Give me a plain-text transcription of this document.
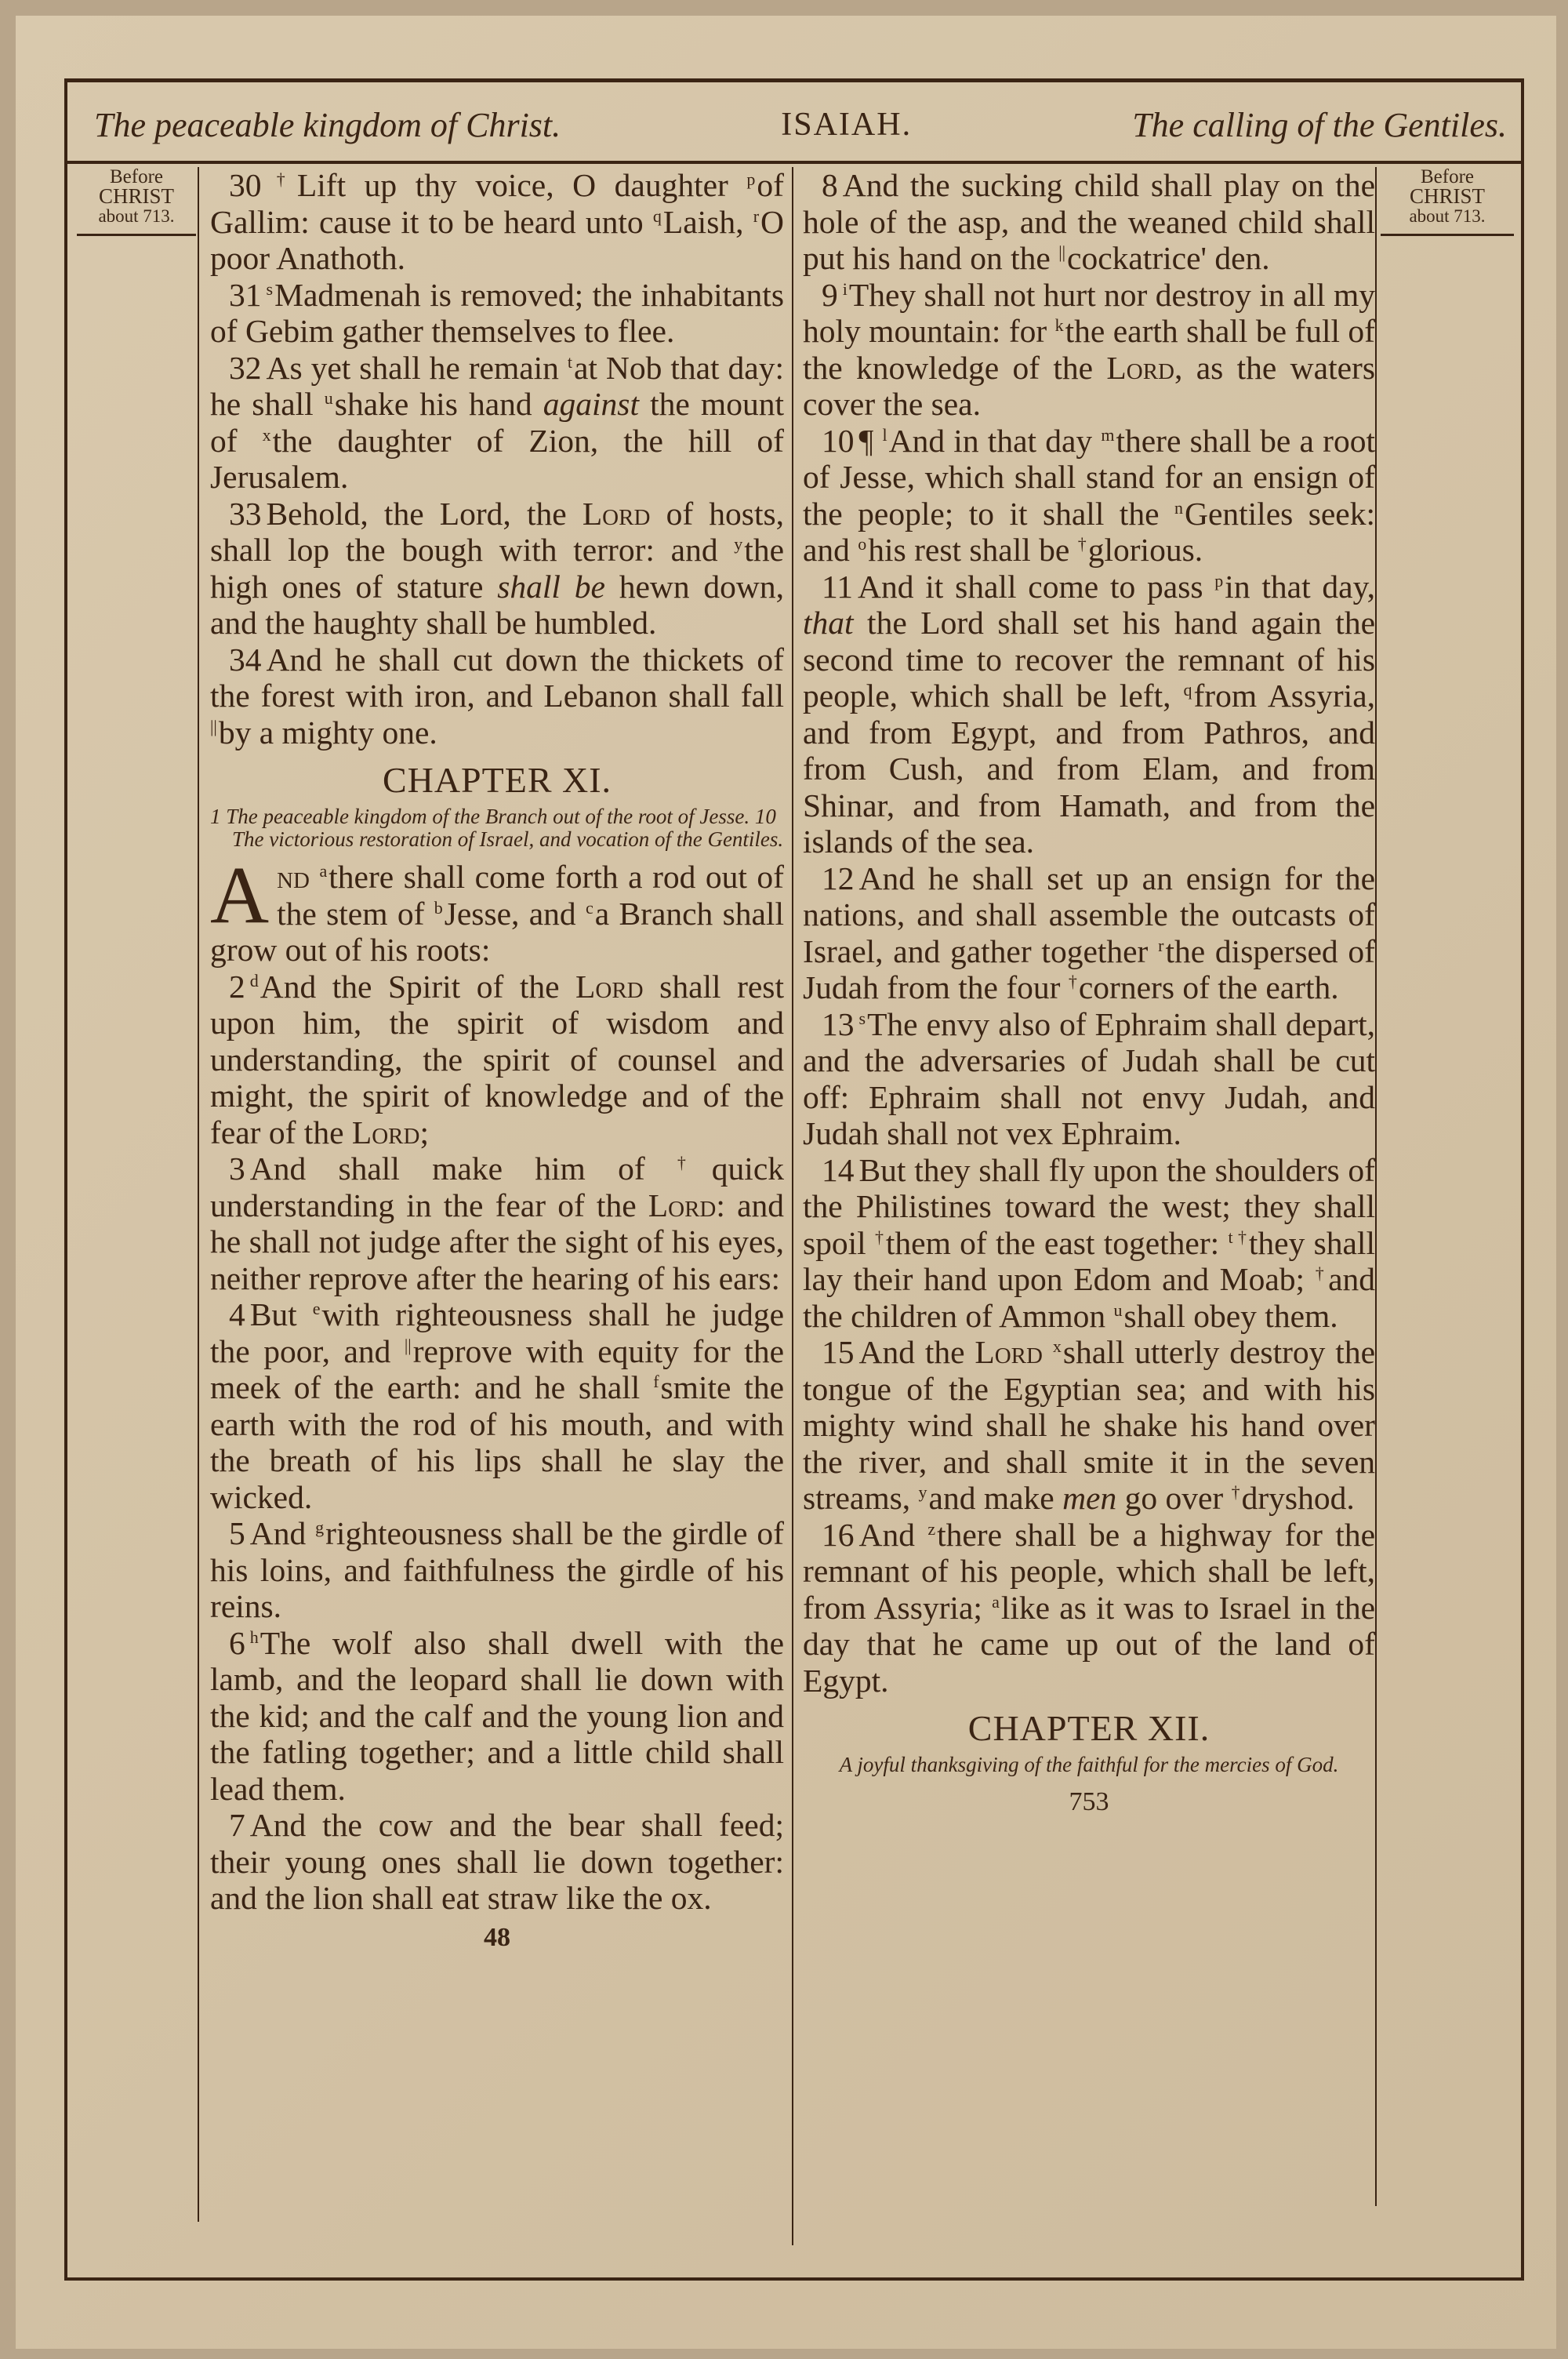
The peaceable kingdom of Christ.	ISAIAH.	The calling of the Gentiles.
Before
CHRIST
about 713.

30 †Lift up thy voice, O daughter $^p$of Gallim: cause it to be heard unto $^q$Laish, $^r$O poor Anathoth.

31 $^s$Madmenah is removed; the inhabitants of Gebim gather themselves to flee.

32 As yet shall he remain $^t$at Nob that day: he shall $^u$shake his hand against the mount of $^x$the daughter of Zion, the hill of Jerusalem.

33 Behold, the Lord, the Lord of hosts, shall lop the bough with terror: and $^y$the high ones of stature shall be hewn down, and the haughty shall be humbled.

34 And he shall cut down the thickets of the forest with iron, and Lebanon shall fall ||by a mighty one.

CHAPTER XI.
1 The peaceable kingdom of the Branch out of the root of Jesse. 10 The victorious restoration of Israel, and vocation of the Gentiles.

And $^a$there shall come forth a rod out of the stem of $^b$Jesse, and $^c$a Branch shall grow out of his roots:

2 $^d$And the Spirit of the Lord shall rest upon him, the spirit of wisdom and understanding, the spirit of counsel and might, the spirit of knowledge and of the fear of the Lord;

3 And shall make him of †quick understanding in the fear of the Lord: and he shall not judge after the sight of his eyes, neither reprove after the hearing of his ears:

4 But $^e$with righteousness shall he judge the poor, and ||reprove with equity for the meek of the earth: and he shall $^f$smite the earth with the rod of his mouth, and with the breath of his lips shall he slay the wicked.

5 And $^g$righteousness shall be the girdle of his loins, and faithfulness the girdle of his reins.

6 $^h$The wolf also shall dwell with the lamb, and the leopard shall lie down with the kid; and the calf and the young lion and the fatling together; and a little child shall lead them.

7 And the cow and the bear shall feed; their young ones shall lie down together: and the lion shall eat straw like the ox.

48

8 And the sucking child shall play on the hole of the asp, and the weaned child shall put his hand on the ||cockatrice' den.

9 $^i$They shall not hurt nor destroy in all my holy mountain: for $^k$the earth shall be full of the knowledge of the Lord, as the waters cover the sea.

10 ¶ $^l$And in that day $^m$there shall be a root of Jesse, which shall stand for an ensign of the people; to it shall the $^n$Gentiles seek: and $^o$his rest shall be †glorious.

11 And it shall come to pass $^p$in that day, that the Lord shall set his hand again the second time to recover the remnant of his people, which shall be left, $^q$from Assyria, and from Egypt, and from Pathros, and from Cush, and from Elam, and from Shinar, and from Hamath, and from the islands of the sea.

12 And he shall set up an ensign for the nations, and shall assemble the outcasts of Israel, and gather together $^r$the dispersed of Judah from the four †corners of the earth.

13 $^s$The envy also of Ephraim shall depart, and the adversaries of Judah shall be cut off: Ephraim shall not envy Judah, and Judah shall not vex Ephraim.

14 But they shall fly upon the shoulders of the Philistines toward the west; they shall spoil †them of the east together: $^{t \dagger}$they shall lay their hand upon Edom and Moab; †and the children of Ammon $^u$shall obey them.

15 And the Lord $^x$shall utterly destroy the tongue of the Egyptian sea; and with his mighty wind shall he shake his hand over the river, and shall smite it in the seven streams, $^y$and make men go over †dryshod.

16 And $^z$there shall be a highway for the remnant of his people, which shall be left, from Assyria; $^a$like as it was to Israel in the day that he came up out of the land of Egypt.

CHAPTER XII.
A joyful thanksgiving of the faithful for the mercies of God.
753
Before
CHRIST
about 713.
